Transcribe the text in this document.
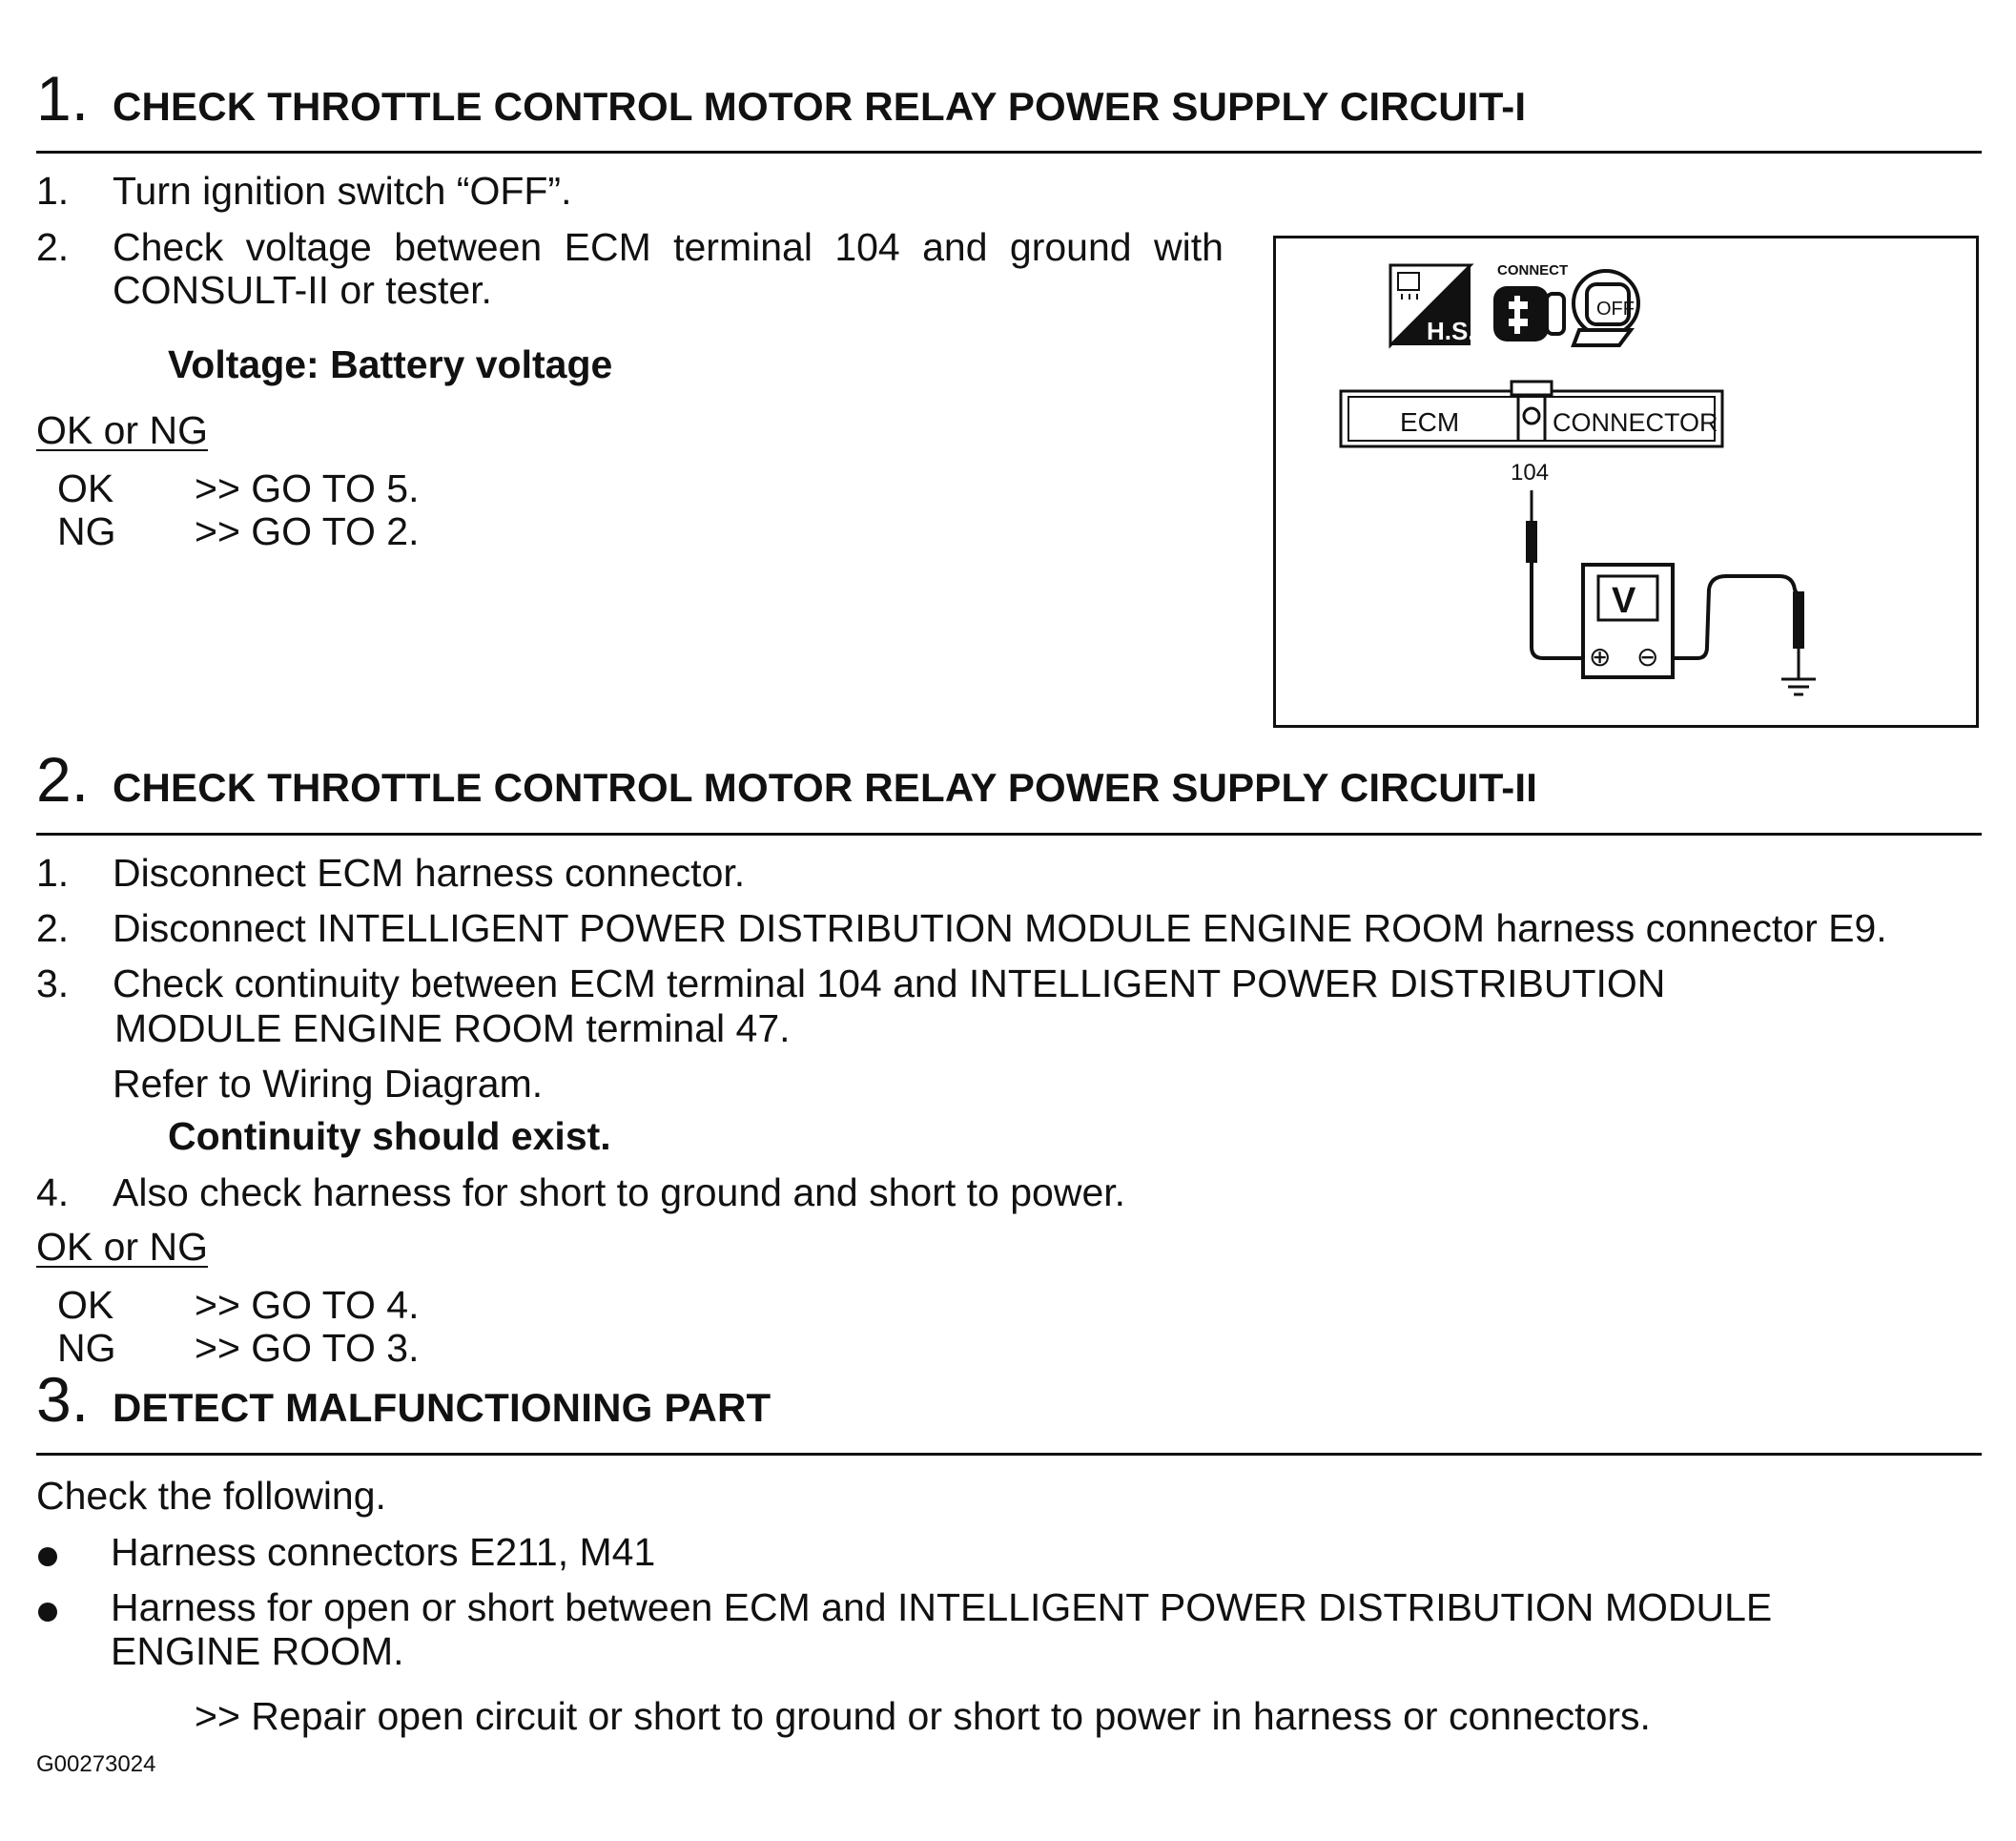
1. CHECK THROTTLE CONTROL MOTOR RELAY POWER SUPPLY CIRCUIT-I
1. Turn ignition switch “OFF”.
2. Check voltage between ECM terminal 104 and ground with
CONSULT-II or tester.
Voltage: Battery voltage
OK or NG
OK >> GO TO 5.
NG >> GO TO 2.
H.S.
CONNECT
OFF
ECM	CONNECTOR
104
V
⊕ ⊖
2. CHECK THROTTLE CONTROL MOTOR RELAY POWER SUPPLY CIRCUIT-II
1. Disconnect ECM harness connector.
2. Disconnect INTELLIGENT POWER DISTRIBUTION MODULE ENGINE ROOM harness connector E9.
3. Check continuity between ECM terminal 104 and INTELLIGENT POWER DISTRIBUTION
MODULE ENGINE ROOM terminal 47.
Refer to Wiring Diagram.
Continuity should exist.
4. Also check harness for short to ground and short to power.
OK or NG
OK >> GO TO 4.
NG >> GO TO 3.
3. DETECT MALFUNCTIONING PART
Check the following.
Harness connectors E211, M41
Harness for open or short between ECM and INTELLIGENT POWER DISTRIBUTION MODULE
ENGINE ROOM.
>> Repair open circuit or short to ground or short to power in harness or connectors.
G00273024
